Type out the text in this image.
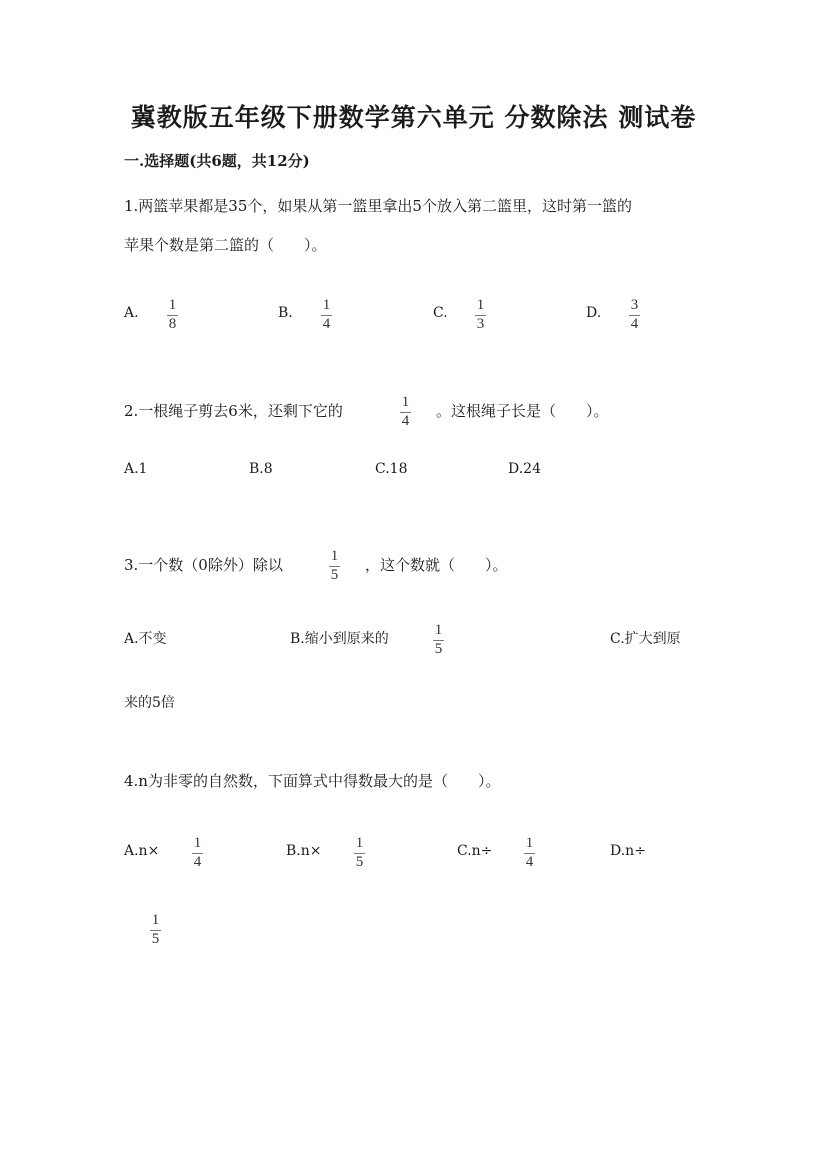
冀教版五年级下册数学第六单元 分数除法 测试卷
一.选择题(共6题，共12分)
1.两篮苹果都是35个，如果从第一篮里拿出5个放入第二篮里，这时第一篮的
苹果个数是第二篮的（　　）。
A. 1
8
B. 1
4
C. 1
3
D. 3
4
2.一根绳子剪去6米，还剩下它的	1
4
。这根绳子长是（　　）。
A.1	B.8	C.18	D.24
3.一个数（0除外）除以	1
5
，这个数就（　　）。
A.不变	B.缩小到原来的
1
5
C.扩大到原
来的5倍
4.n为非零的自然数，下面算式中得数最大的是（　　）。
A.n× 1
4
B.n× 1
5
C.n÷ 1
4
D.n÷
1
5
